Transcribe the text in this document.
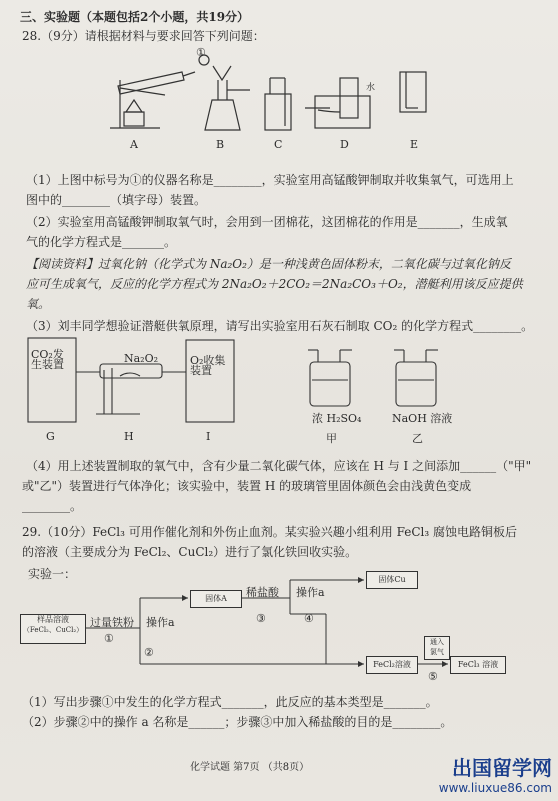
三、实验题（本题包括2个小题，共19分）
28.（9分）请根据材料与要求回答下列问题：
①
水
A	B	C	D	E
（1）上图中标号为①的仪器名称是________，实验室用高锰酸钾制取并收集氧气，可选用上
图中的________（填字母）装置。
（2）实验室用高锰酸钾制取氧气时，会用到一团棉花，这团棉花的作用是_______，生成氧
气的化学方程式是_______。
【阅读资料】过氧化钠（化学式为 Na₂O₂）是一种浅黄色固体粉末，二氧化碳与过氧化钠反
应可生成氧气，反应的化学方程式为 2Na₂O₂＋2CO₂＝2Na₂CO₃＋O₂，潜艇利用该反应提供
氧。
（3）刘丰同学想验证潜艇供氧原理，请写出实验室用石灰石制取 CO₂ 的化学方程式________。
CO₂发生装置	Na₂O₂	O₂收集装置
浓 H₂SO₄	NaOH 溶液
G	H	I	甲	乙
（4）用上述装置制取的氧气中，含有少量二氧化碳气体，应该在 H 与 I 之间添加______（"甲"
或"乙"）装置进行气体净化；该实验中，装置 H 的玻璃管里固体颜色会由浅黄色变成
________。
29.（10分）FeCl₃ 可用作催化剂和外伤止血剂。某实验兴趣小组利用 FeCl₃ 腐蚀电路铜板后
的溶液（主要成分为 FeCl₂、CuCl₂）进行了氯化铁回收实验。
实验一：
样品溶液
（FeCl₂、CuCl₂）
过量铁粉
①
操作a
②
固体A	稀盐酸
③
操作a
④
固体Cu
FeCl₂溶液
通入
氯气
⑤
FeCl₃ 溶液
（1）写出步骤①中发生的化学方程式_______，此反应的基本类型是_______。
（2）步骤②中的操作 a 名称是______；步骤③中加入稀盐酸的目的是________。
化学试题 第7页 （共8页）	出国留学网
www.liuxue86.com
